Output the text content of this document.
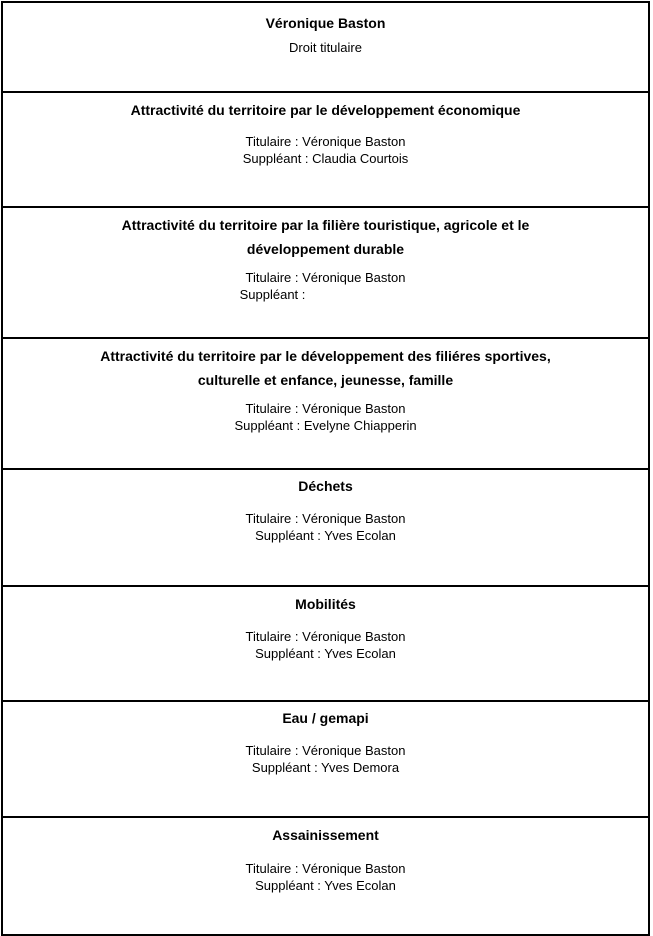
Véronique Baston
Droit titulaire

Attractivité du territoire par le développement économique
Titulaire : Véronique Baston
Suppléant : Claudia Courtois

Attractivité du territoire par la filière touristique, agricole et le
développement durable
Titulaire : Véronique Baston
Suppléant :

Attractivité du territoire par le développement des filiéres sportives,
culturelle et enfance, jeunesse, famille
Titulaire : Véronique Baston
Suppléant : Evelyne Chiapperin

Déchets
Titulaire : Véronique Baston
Suppléant : Yves Ecolan

Mobilités
Titulaire : Véronique Baston
Suppléant : Yves Ecolan

Eau / gemapi
Titulaire : Véronique Baston
Suppléant : Yves Demora

Assainissement
Titulaire : Véronique Baston
Suppléant : Yves Ecolan
